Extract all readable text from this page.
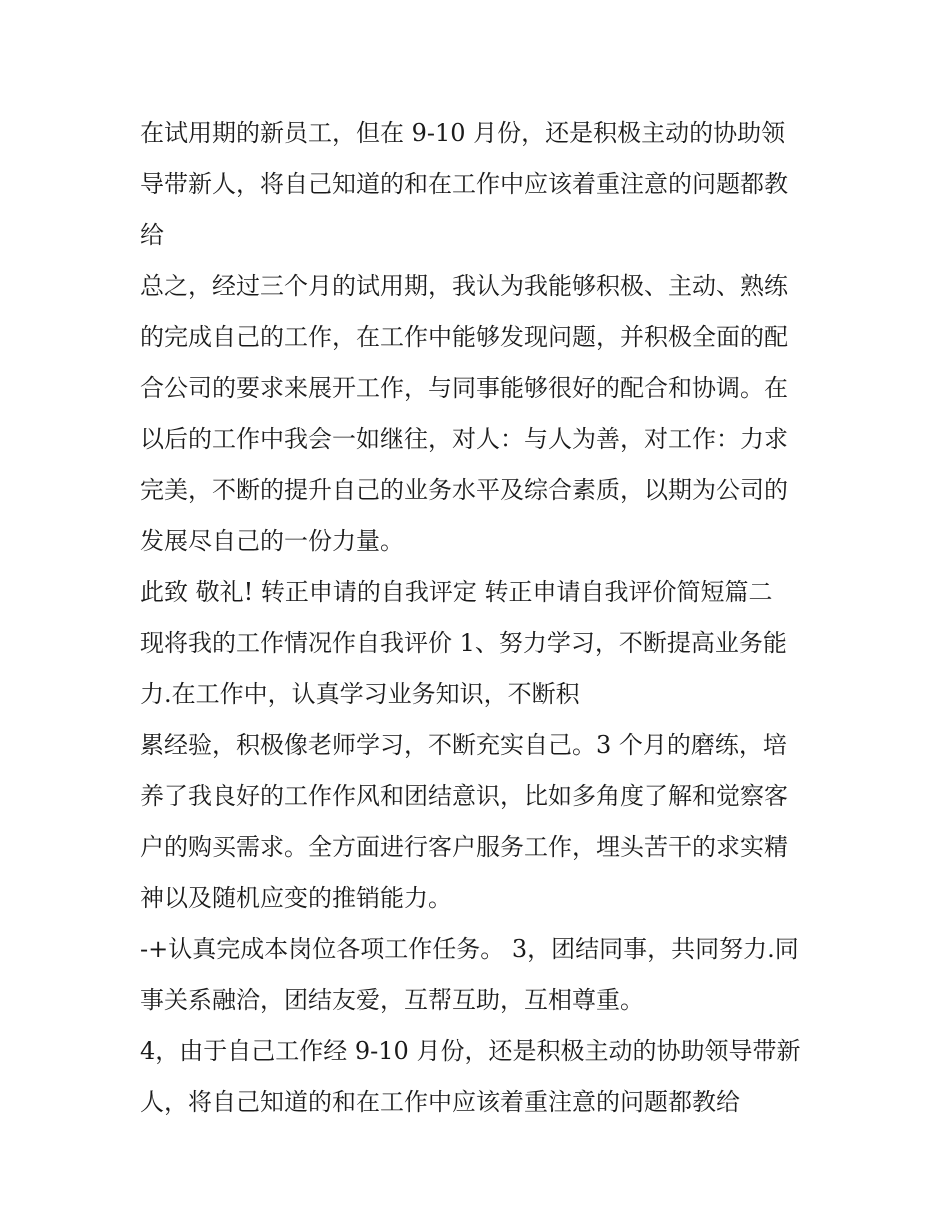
在试用期的新员工，但在 9-10 月份，还是积极主动的协助领
导带新人，将自己知道的和在工作中应该着重注意的问题都教
给
总之，经过三个月的试用期，我认为我能够积极、主动、熟练
的完成自己的工作，在工作中能够发现问题，并积极全面的配
合公司的要求来展开工作，与同事能够很好的配合和协调。在
以后的工作中我会一如继往，对人：与人为善，对工作：力求
完美，不断的提升自己的业务水平及综合素质，以期为公司的
发展尽自己的一份力量。
此致 敬礼! 转正申请的自我评定 转正申请自我评价简短篇二
现将我的工作情况作自我评价 1、努力学习，不断提高业务能
力.在工作中，认真学习业务知识，不断积
累经验，积极像老师学习，不断充实自己。3 个月的磨练，培
养了我良好的工作作风和团结意识，比如多角度了解和觉察客
户的购买需求。全方面进行客户服务工作，埋头苦干的求实精
神以及随机应变的推销能力。
-+认真完成本岗位各项工作任务。 3，团结同事，共同努力.同
事关系融洽，团结友爱，互帮互助，互相尊重。
4，由于自己工作经 9-10 月份，还是积极主动的协助领导带新
人，将自己知道的和在工作中应该着重注意的问题都教给
